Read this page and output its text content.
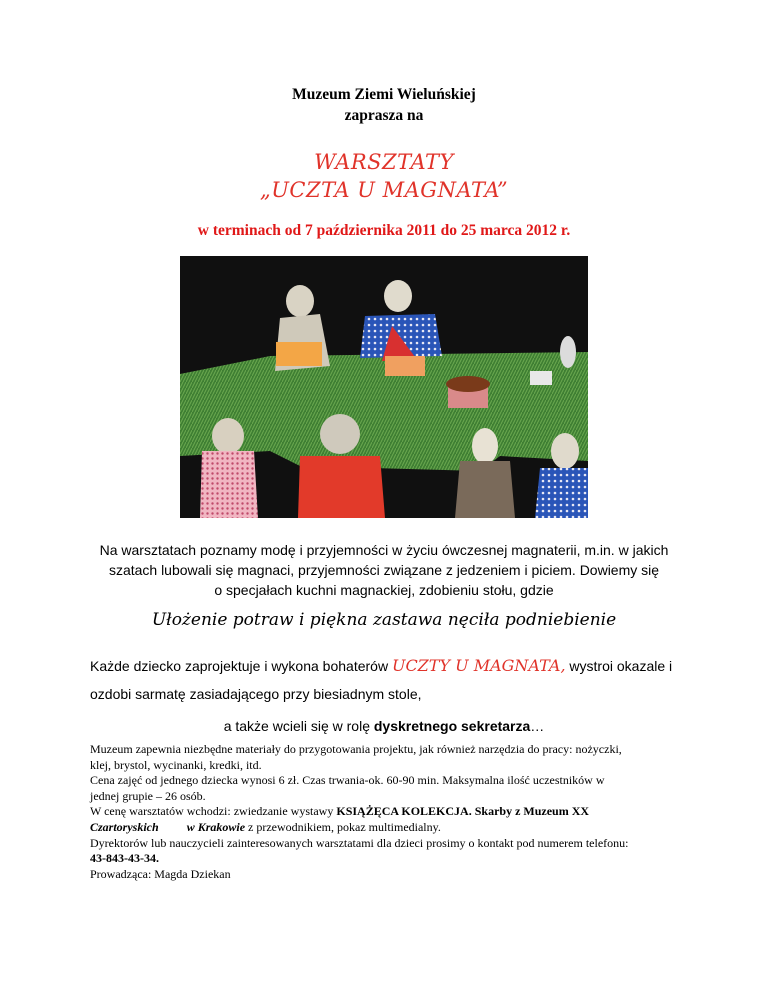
Muzeum Ziemi Wieluńskiej
zaprasza na
WARSZTATY
„UCZTA U MAGNATA”
w terminach od 7 października 2011 do 25 marca 2012 r.
Na warsztatach poznamy modę i przyjemności w życiu ówczesnej magnaterii, m.in. w jakich
szatach lubowali się magnaci, przyjemności związane z jedzeniem i piciem. Dowiemy się
o specjałach kuchni magnackiej, zdobieniu stołu, gdzie
Ułożenie potraw i piękna zastawa nęciła podniebienie
Każde dziecko zaprojektuje i wykona bohaterów UCZTY U MAGNATA, wystroi okazale i
ozdobi sarmatę zasiadającego przy biesiadnym stole,
a także wcieli się w rolę dyskretnego sekretarza…
Muzeum zapewnia niezbędne materiały do przygotowania projektu, jak również narzędzia do pracy: nożyczki,
klej, brystol, wycinanki, kredki, itd.
Cena zajęć od jednego dziecka wynosi 6 zł. Czas trwania-ok. 60-90 min. Maksymalna ilość uczestników w
jednej grupie – 26 osób.
W cenę warsztatów wchodzi: zwiedzanie wystawy KSIĄŻĘCA KOLEKCJA. Skarby z Muzeum XX
Czartoryskich w Krakowie z przewodnikiem, pokaz multimedialny.
Dyrektorów lub nauczycieli zainteresowanych warsztatami dla dzieci prosimy o kontakt pod numerem telefonu:
43-843-43-34.
Prowadząca: Magda Dziekan
